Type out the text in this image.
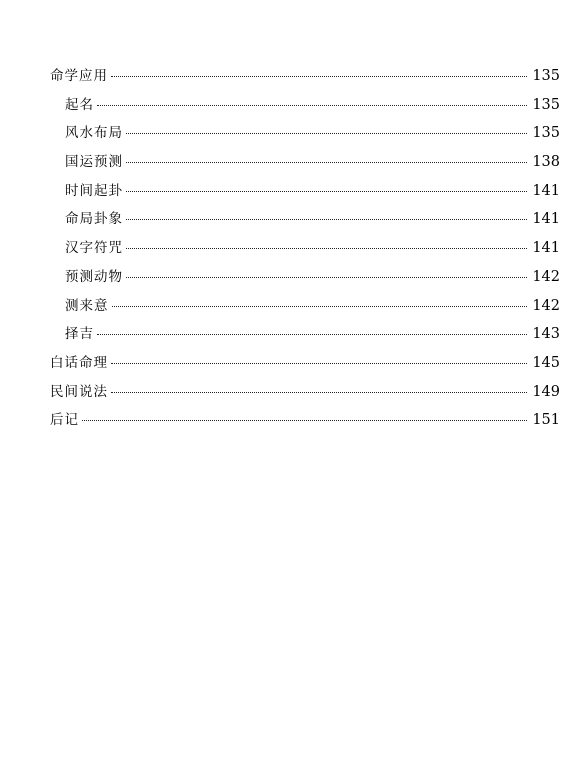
命学应用	135
起名	135
风水布局	135
国运预测	138
时间起卦	141
命局卦象	141
汉字符咒	141
预测动物	142
测来意	142
择吉	143
白话命理	145
民间说法	149
后记	151
